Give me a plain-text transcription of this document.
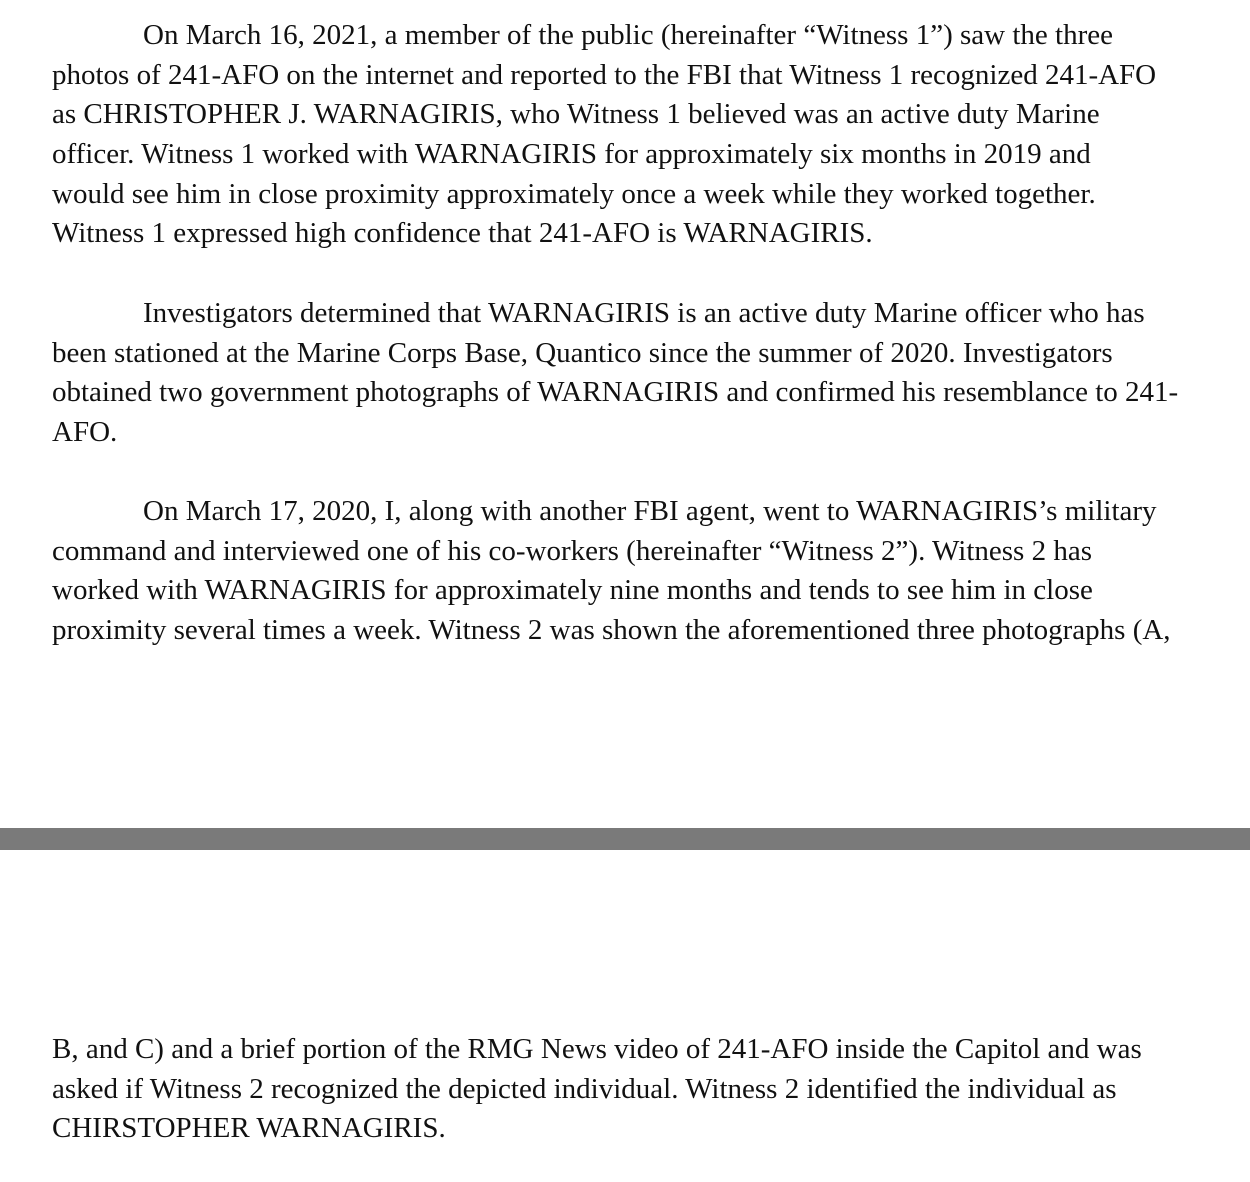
On March 16, 2021, a member of the public (hereinafter “Witness 1”) saw the three
photos of 241-AFO on the internet and reported to the FBI that Witness 1 recognized 241-AFO
as CHRISTOPHER J. WARNAGIRIS, who Witness 1 believed was an active duty Marine
officer. Witness 1 worked with WARNAGIRIS for approximately six months in 2019 and
would see him in close proximity approximately once a week while they worked together.
Witness 1 expressed high confidence that 241-AFO is WARNAGIRIS.

Investigators determined that WARNAGIRIS is an active duty Marine officer who has
been stationed at the Marine Corps Base, Quantico since the summer of 2020. Investigators
obtained two government photographs of WARNAGIRIS and confirmed his resemblance to 241-
AFO.

On March 17, 2020, I, along with another FBI agent, went to WARNAGIRIS’s military
command and interviewed one of his co-workers (hereinafter “Witness 2”). Witness 2 has
worked with WARNAGIRIS for approximately nine months and tends to see him in close
proximity several times a week. Witness 2 was shown the aforementioned three photographs (A,

B, and C) and a brief portion of the RMG News video of 241-AFO inside the Capitol and was
asked if Witness 2 recognized the depicted individual. Witness 2 identified the individual as
CHIRSTOPHER WARNAGIRIS.
